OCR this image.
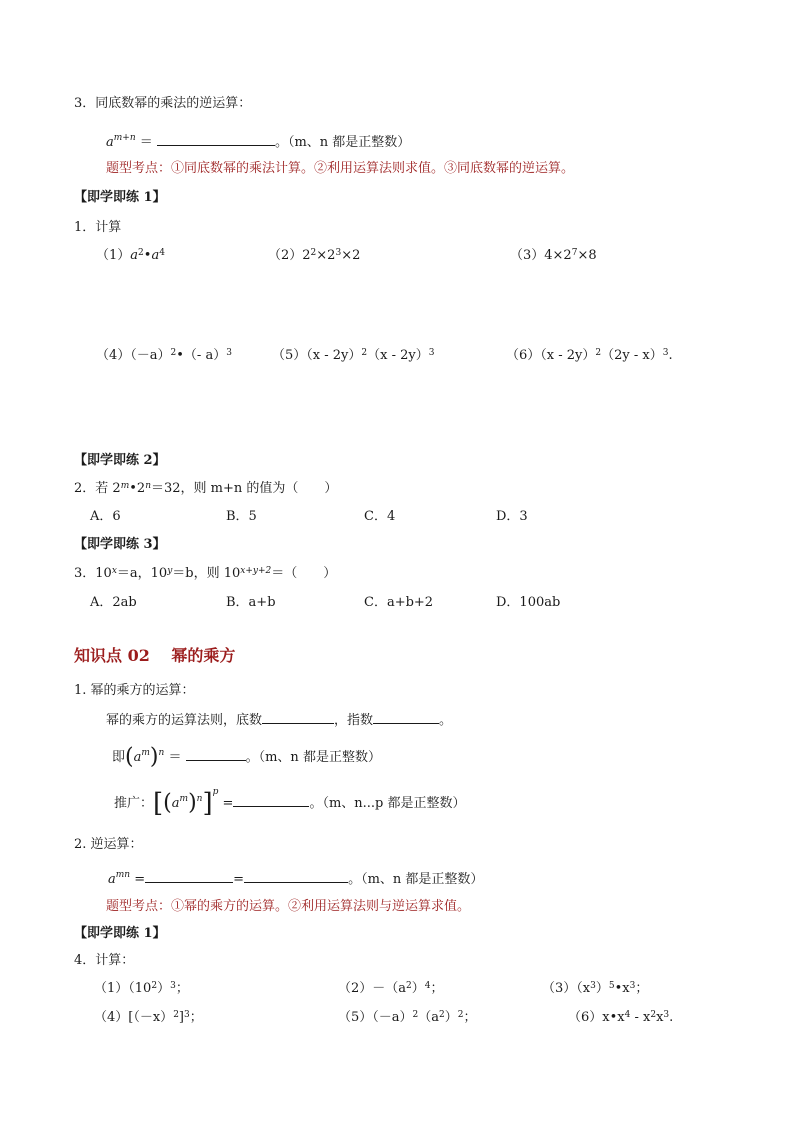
3．同底数幂的乘法的逆运算：
$a^{m+n}$ ＝	。（m、n 都是正整数）
题型考点：①同底数幂的乘法计算。②利用运算法则求值。③同底数幂的逆运算。
【即学即练 1】
1．计算
$(1)a^2•a^4$	$(2)2^2\times 2^3\times 2$	$(3)4\times 2^7\times 8$
$(4)(-a)^2•(-$ a）$^3$	（5）（x - 2y）$^2$（x - 2y）$^3$	（6）（x - 2y）$^2$（2y - x）$^3$.
【即学即练 2】
2．若 $2^m•2^n=32$，则 m+n 的值为（　　）
A．6	B．5	C．4	D．3
【即学即练 3】
3．$10^x=a$，$10^y=b$，则 $10^{x+y+2}=$（　　）
A．2ab	B．a+b	C．a+b+2	D．100ab
知识点 02　 幂的乘方
1. 幂的乘方的运算：
幂的乘方的运算法则，底数	，指数	。
即$(a^m)^n$ ＝	。（m、n 都是正整数）
推广：$[(a^m)^n]^p$ =	。（m、n...p 都是正整数）
2. 逆运算：
$a^{mn}$ =	=	。（m、n 都是正整数）
题型考点：①幂的乘方的运算。②利用运算法则与逆运算求值。
【即学即练 1】
4．计算：
$(1)(10^2)^3$；	$(2)-(a^2)^4$；	$(3)(x^3)^5•x^3$；
$(4)[(-x)^2]^3$；	$(5)(-a)^2(a^2)^2$；	$(6)x•x^4 - x^2x^3$.
